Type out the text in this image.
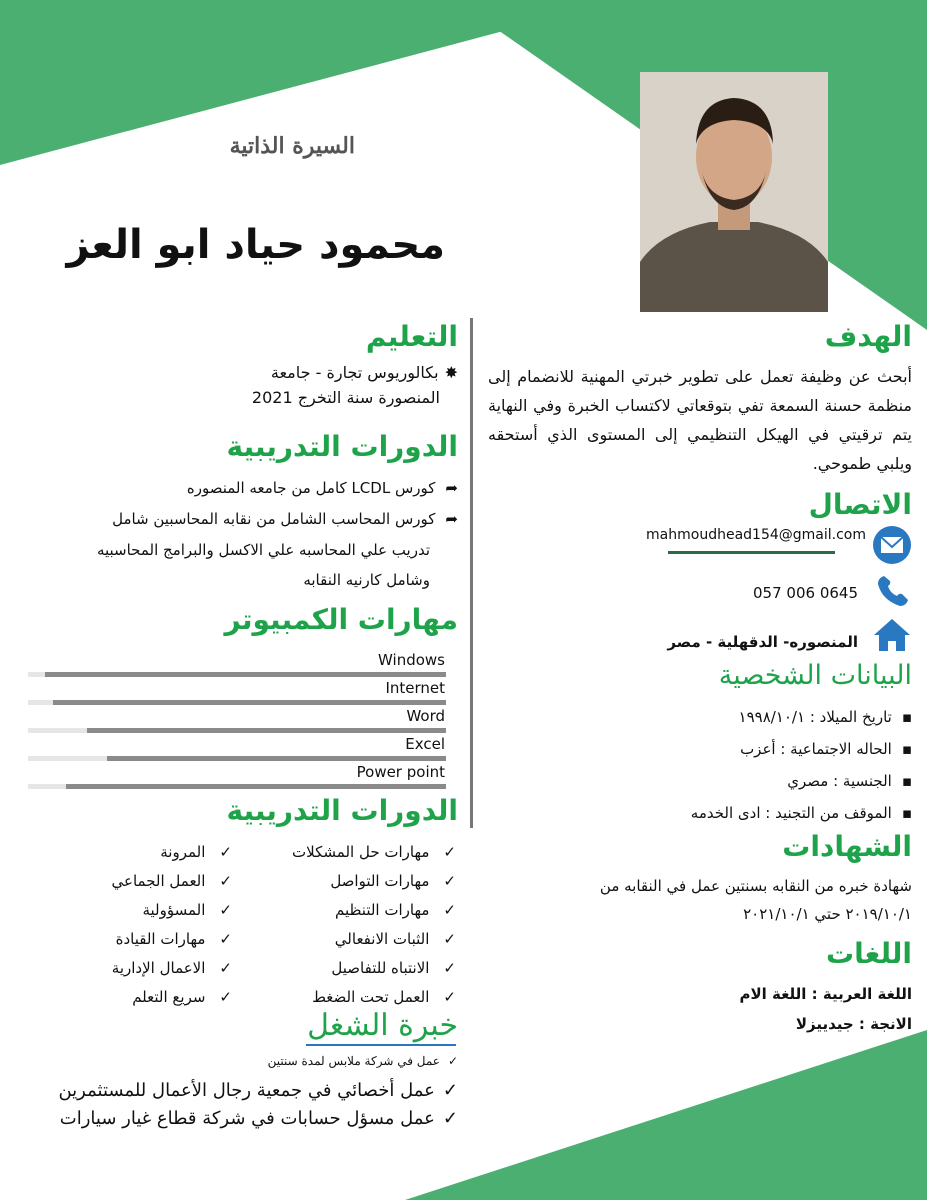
السيرة الذاتية
محمود حياد ابو العز
الهدف
أبحث عن وظيفة تعمل على تطوير خبرتي المهنية للانضمام إلى منظمة حسنة السمعة تفي بتوقعاتي لاكتساب الخبرة وفي النهاية يتم ترقيتي في الهيكل التنظيمي إلى المستوى الذي أستحقه ويلبي طموحي.
الاتصال
mahmoudhead154@gmail.com
057 006 0645
المنصوره- الدقهلية - مصر
البيانات الشخصية
▪تاريخ الميلاد : ١٩٩٨/١٠/١
▪الحاله الاجتماعية : أعزب
▪الجنسية : مصري
▪الموقف من التجنيد : ادى الخدمه
الشهادات
شهادة خبره من النقابه بسنتين عمل في النقابه من
٢٠١٩/١٠/١ حتي ٢٠٢١/١٠/١
اللغات
اللغة العربية : اللغة الام
الانجة : جيدييزلا
التعليم
✸بكالوريوس تجارة - جامعة
المنصورة سنة التخرج 2021
الدورات التدريبية
➦كورس LCDL كامل من جامعه المنصوره
➦كورس المحاسب الشامل من نقابه المحاسبين شامل
تدريب علي المحاسبه علي الاكسل والبرامج المحاسبيه
وشامل كارنيه النقابه
مهارات الكمبيوتر
Windows
Internet
Word
Excel
Power point
الدورات التدريبية
✓مهارات حل المشكلات
✓مهارات التواصل
✓مهارات التنظيم
✓الثبات الانفعالي
✓الانتباه للتفاصيل
✓العمل تحت الضغط
✓المرونة
✓العمل الجماعي
✓المسؤولية
✓مهارات القيادة
✓الاعمال الإدارية
✓سريع التعلم
خبرة الشغل
✓عمل في شركة ملابس لمدة سنتين
✓عمل أخصائي في جمعية رجال الأعمال للمستثمرين
✓عمل مسؤل حسابات في شركة قطاع غيار سيارات
